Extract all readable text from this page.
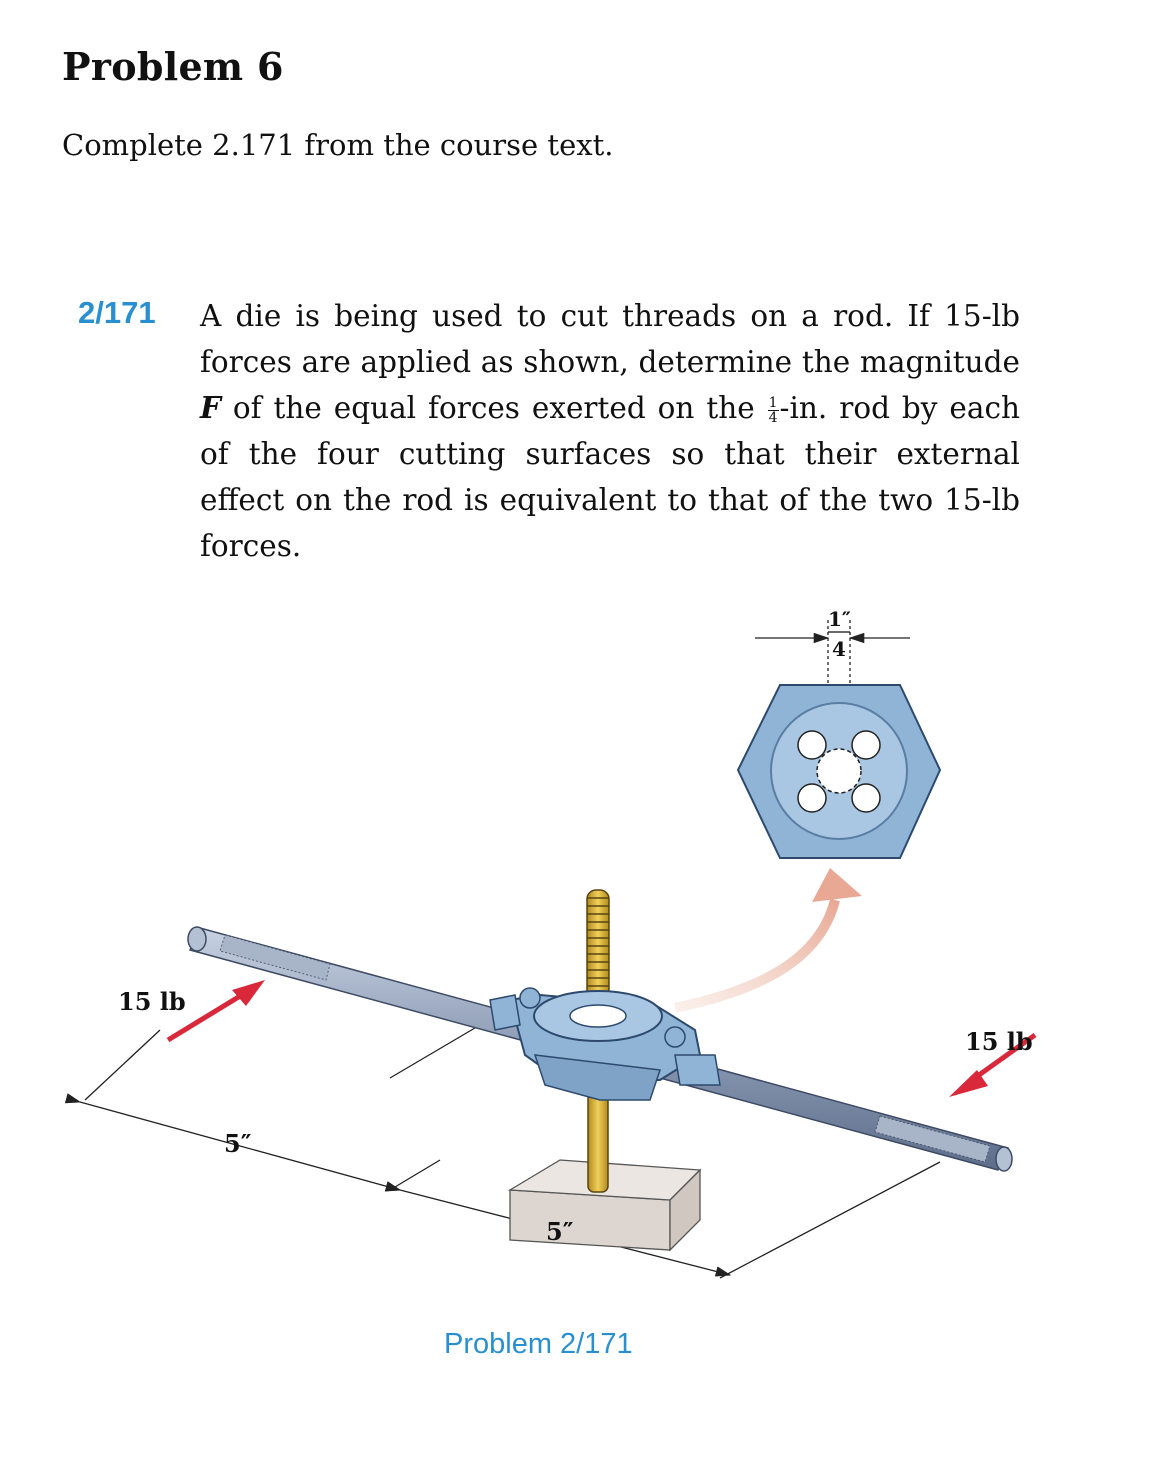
Problem 6
Complete 2.171 from the course text.
2/171 A die is being used to cut threads on a rod. If 15-lb forces are applied as shown, determine the magnitude F of the equal forces exerted on the $\frac{1}{4} -in$. rod by each of the four cutting surfaces so that their external effect on the rod is equivalent to that of the two 15-lb forces.
15 lb
15 lb
5″
5″
1″
4
Problem 2/171
